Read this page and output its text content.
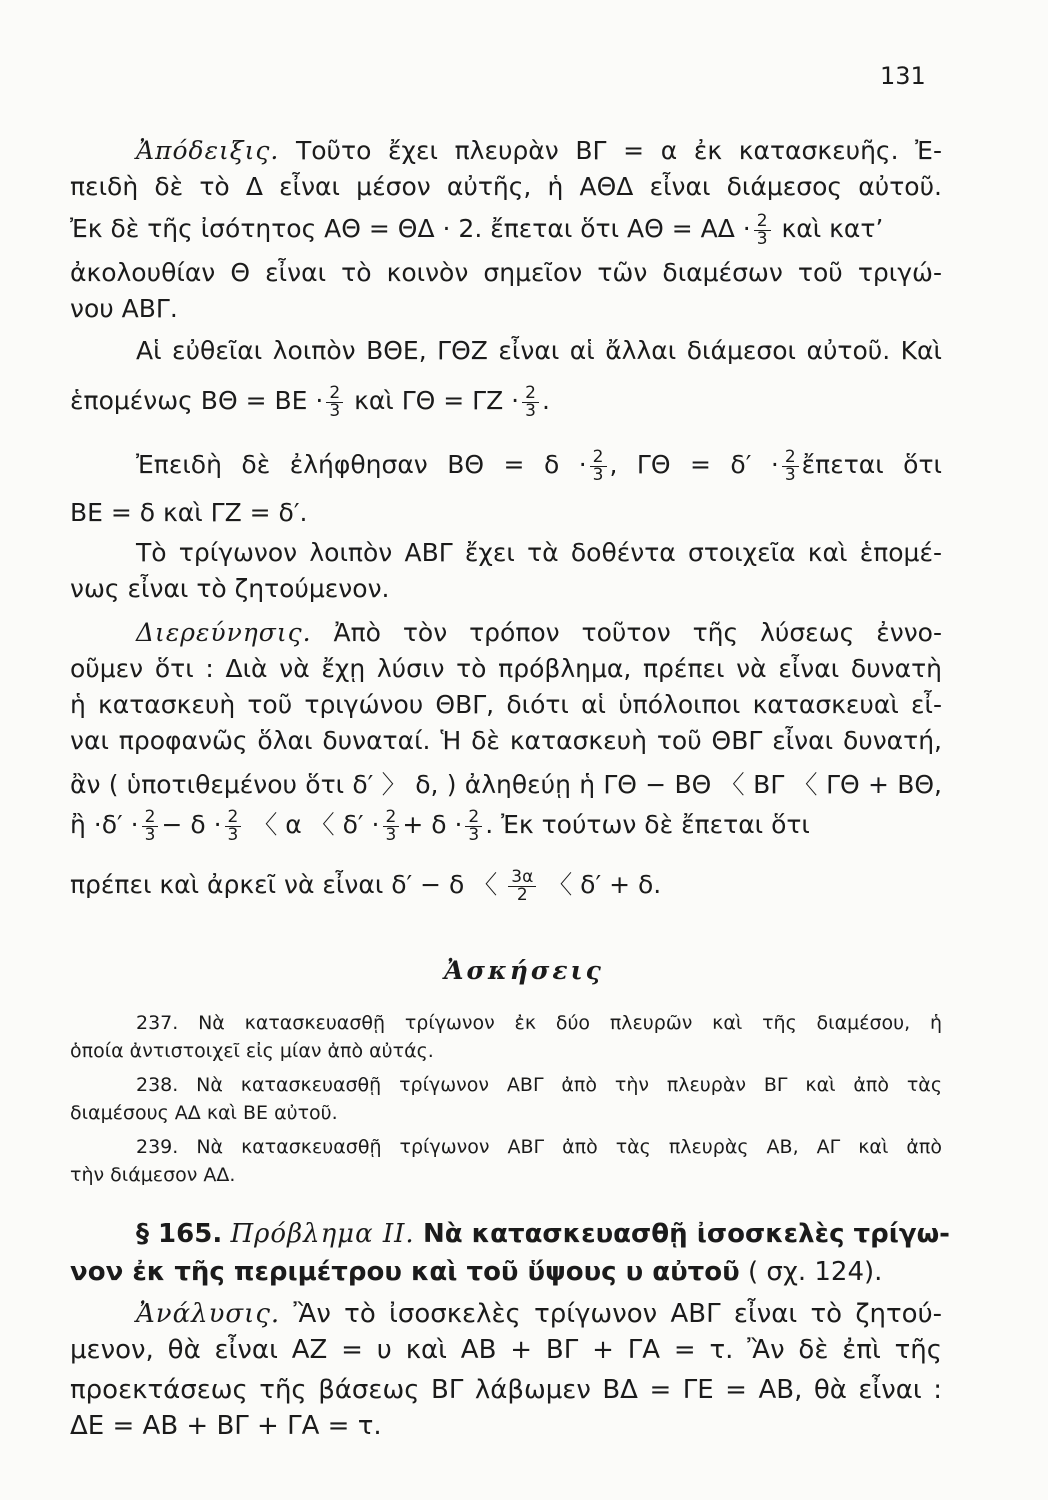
131
Ἀπόδειξις. Τοῦτο ἔχει πλευρὰν ΒΓ = α ἐκ κατασκευῆς. Ἐ-
πειδὴ δὲ τὸ Δ εἶναι μέσον αὐτῆς, ἡ ΑΘΔ εἶναι διάμεσος αὐτοῦ.
Ἐκ δὲ τῆς ἰσότητος ΑΘ = ΘΔ · 2. ἔπεται ὅτι $A\Theta = A\Delta \cdot \frac{2}{3}$ καὶ κατ’
ἀκολουθίαν Θ εἶναι τὸ κοινὸν σημεῖον τῶν διαμέσων τοῦ τριγώ-
νου ΑΒΓ.
Αἱ εὐθεῖαι λοιπὸν ΒΘΕ, ΓΘΖ εἶναι αἱ ἄλλαι διάμεσοι αὐτοῦ. Καὶ
ἑπομένως $B\Theta = BE \cdot \frac{2}{3}$ καὶ $\Gamma\Theta = \Gamma Z \cdot \frac{2}{3}$ .
Ἐπειδὴ δὲ ἐλήφθησαν $B\Theta = \delta \cdot \frac{2}{3}$ , $\Gamma\Theta = \delta' \cdot \frac{2}{3}$ ἔπεται ὅτι
ΒΕ = δ καὶ ΓΖ = δ′.
Τὸ τρίγωνον λοιπὸν ΑΒΓ ἔχει τὰ δοθέντα στοιχεῖα καὶ ἑπομέ-
νως εἶναι τὸ ζητούμενον.
Διερεύνησις. Ἀπὸ τὸν τρόπον τοῦτον τῆς λύσεως ἐννο-
οῦμεν ὅτι : Διὰ νὰ ἔχῃ λύσιν τὸ πρόβλημα, πρέπει νὰ εἶναι δυνατὴ
ἡ κατασκευὴ τοῦ τριγώνου ΘΒΓ, διότι αἱ ὑπόλοιποι κατασκευαὶ εἶ-
ναι προφανῶς ὅλαι δυναταί. Ἡ δὲ κατασκευὴ τοῦ ΘΒΓ εἶναι δυνατή,
ἂν ( ὑποτιθεμένου ὅτι δ′ 〉 δ, ) ἀληθεύῃ ἡ ΓΘ − ΒΘ 〈 ΒΓ 〈 ΓΘ + ΒΘ,
ἢ $\cdot\delta' \cdot \frac{2}{3} - \delta \cdot \frac{2}{3}$ 〈 α 〈 $\delta' \cdot \frac{2}{3} + \delta \cdot \frac{2}{3}$ . Ἐκ τούτων δὲ ἔπεται ὅτι
πρέπει καὶ ἀρκεῖ νὰ εἶναι δ′ − δ 〈 $\frac{3\alpha}{2}$ 〈 δ′ + δ.
Ἀσκήσεις
237. Νὰ κατασκευασθῇ τρίγωνον ἐκ δύο πλευρῶν καὶ τῆς διαμέσου, ἡ
ὁποία ἀντιστοιχεῖ εἰς μίαν ἀπὸ αὐτάς.
238. Νὰ κατασκευασθῇ τρίγωνον ΑΒΓ ἀπὸ τὴν πλευρὰν ΒΓ καὶ ἀπὸ τὰς
διαμέσους ΑΔ καὶ ΒΕ αὐτοῦ.
239. Νὰ κατασκευασθῇ τρίγωνον ΑΒΓ ἀπὸ τὰς πλευρὰς ΑΒ, ΑΓ καὶ ἀπὸ
τὴν διάμεσον ΑΔ.
§ 165. Πρόβλημα ΙΙ. Νὰ κατασκευασθῇ ἰσοσκελὲς τρίγω-
νον ἐκ τῆς περιμέτρου καὶ τοῦ ὕψους υ αὐτοῦ ( σχ. 124).
Ἀνάλυσις. Ἂν τὸ ἰσοσκελὲς τρίγωνον ΑΒΓ εἶναι τὸ ζητού-
μενον, θὰ εἶναι ΑΖ = υ καὶ ΑΒ + ΒΓ + ΓΑ = τ. Ἂν δὲ ἐπὶ τῆς
προεκτάσεως τῆς βάσεως ΒΓ λάβωμεν ΒΔ = ΓΕ = ΑΒ, θὰ εἶναι :
ΔΕ = ΑΒ + ΒΓ + ΓΑ = τ.
